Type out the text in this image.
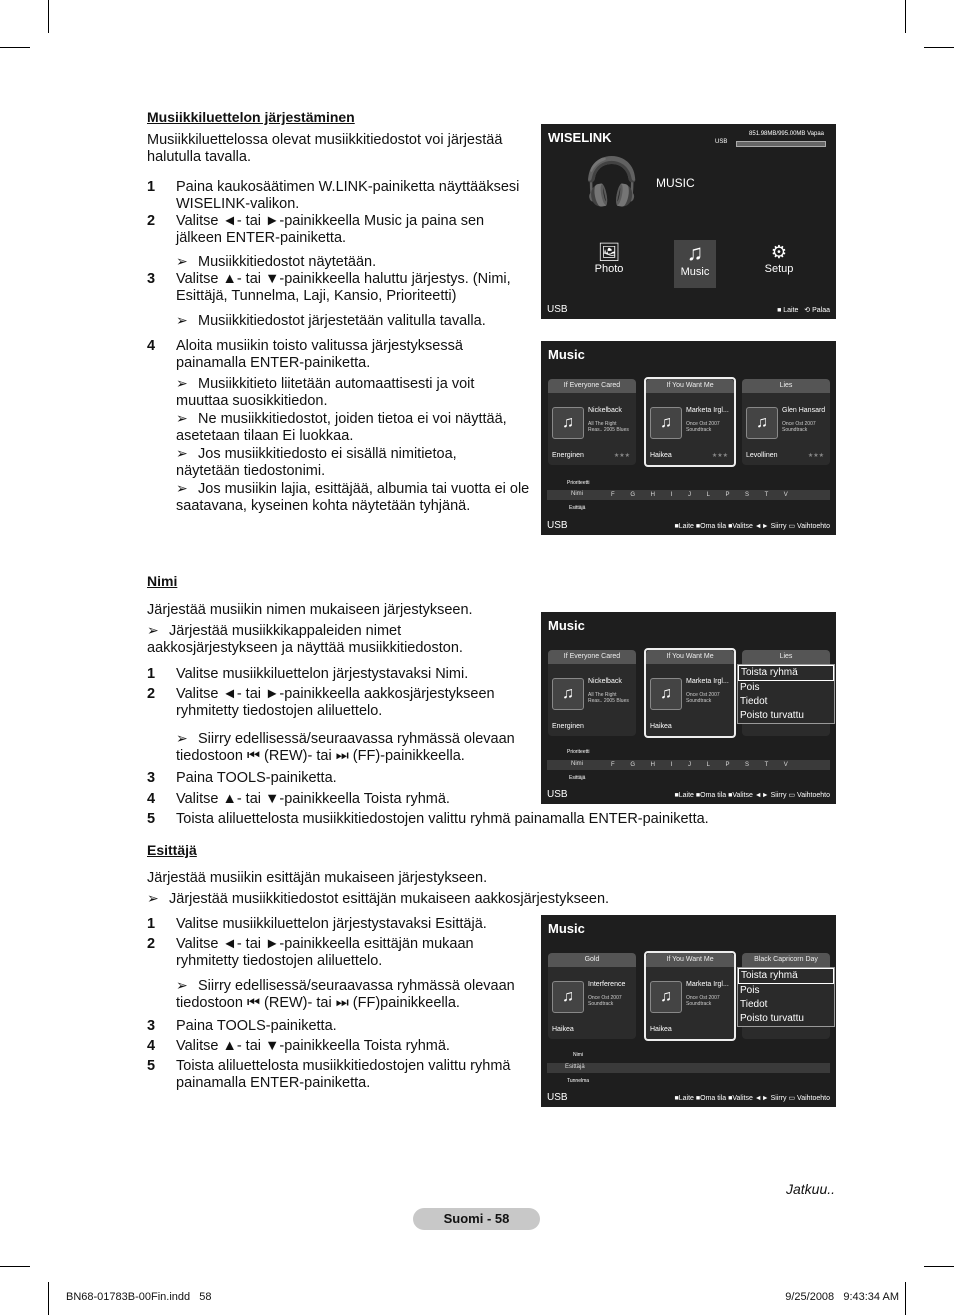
Musiikkiluettelon järjestäminen
Musiikkiluettelossa olevat musiikkitiedostot voi järjestää halutulla tavalla.
1 Paina kaukosäätimen W.LINK-painiketta näyttääksesi WISELINK-valikon.
2 Valitse ◄- tai ►-painikkeella Music ja paina sen jälkeen ENTER-painiketta.
➢ Musiikkitiedostot näytetään.
3 Valitse ▲- tai ▼-painikkeella haluttu järjestys. (Nimi, Esittäjä, Tunnelma, Laji, Kansio, Prioriteetti)
➢ Musiikkitiedostot järjestetään valitulla tavalla.
4 Aloita musiikin toisto valitussa järjestyksessä painamalla ENTER-painiketta.
➢ Musiikkitieto liitetään automaattisesti ja voit muuttaa suosikkitiedon.
➢ Ne musiikkitiedostot, joiden tietoa ei voi näyttää, asetetaan tilaan Ei luokkaa.
➢ Jos musiikkitiedosto ei sisällä nimitietoa, näytetään tiedostonimi.
➢ Jos musiikin lajia, esittäjää, albumia tai vuotta ei ole saatavana, kyseinen kohta näytetään tyhjänä.
WISELINK	USB
851.98MB/995.00MB Vapaa
🎧 MUSIC
🖼
Photo
♫
Music
⚙
Setup
USB	■ Laite   ⟲ Palaa
Music
If Everyone Cared
♫
Nickelback
All The Right Reas.. 2005 Blues
Energinen	★★★
If You Want Me
♫
Marketa Irgl...
Once Ost 2007 Soundtrack
Haikea	★★★
Lies
♫
Glen Hansard
Once Ost 2007 Soundtrack
Levollinen	★★★
Prioriteetti
Nimi	F G H I J L P S T V
Esittäjä
USB	■Laite ■Oma tila ■Valitse ◄► Siirry ▭ Vaihtoehto
Nimi
Järjestää musiikin nimen mukaiseen järjestykseen.
➢ Järjestää musiikkikappaleiden nimet aakkosjärjestykseen ja näyttää musiikkitiedoston.
1 Valitse musiikkiluettelon järjestystavaksi Nimi.
2 Valitse ◄- tai ►-painikkeella aakkosjärjestykseen ryhmitetty tiedostojen aliluettelo.
➢ Siirry edellisessä/seuraavassa ryhmässä olevaan tiedostoon ⏮ (REW)- tai ⏭ (FF)-painikkeella.
3 Paina TOOLS-painiketta.
4 Valitse ▲- tai ▼-painikkeella Toista ryhmä.
5 Toista aliluettelosta musiikkitiedostojen valittu ryhmä painamalla ENTER-painiketta.
Music
If Everyone Cared
♫
Nickelback
All The Right Reas.. 2005 Blues
Energinen
If You Want Me
♫
Marketa Irgl...
Once Ost 2007 Soundtrack
Haikea
Lies
Toista ryhmä
Pois
Tiedot
Poisto turvattu
Prioriteetti
Nimi	F G H I J L P S T V
Esittäjä
USB	■Laite ■Oma tila ■Valitse ◄► Siirry ▭ Vaihtoehto
Esittäjä
Järjestää musiikin esittäjän mukaiseen järjestykseen.
➢ Järjestää musiikkitiedostot esittäjän mukaiseen aakkosjärjestykseen.
1 Valitse musiikkiluettelon järjestystavaksi Esittäjä.
2 Valitse ◄- tai ►-painikkeella esittäjän mukaan ryhmitetty tiedostojen aliluettelo.
➢ Siirry edellisessä/seuraavassa ryhmässä olevaan tiedostoon ⏮ (REW)- tai ⏭ (FF)painikkeella.
3 Paina TOOLS-painiketta.
4 Valitse ▲- tai ▼-painikkeella Toista ryhmä.
5 Toista aliluettelosta musiikkitiedostojen valittu ryhmä painamalla ENTER-painiketta.
Music
Gold
♫
Interference
Once Ost 2007 Soundtrack
Haikea
If You Want Me
♫
Marketa Irgl...
Once Ost 2007 Soundtrack
Haikea
Black Capricorn Day
Toista ryhmä
Pois
Tiedot
Poisto turvattu
Nimi
Esittäjä
Tunnelma
USB	■Laite ■Oma tila ■Valitse ◄► Siirry ▭ Vaihtoehto
Jatkuu..
Suomi - 58
BN68-01783B-00Fin.indd   58	9/25/2008   9:43:34 AM
